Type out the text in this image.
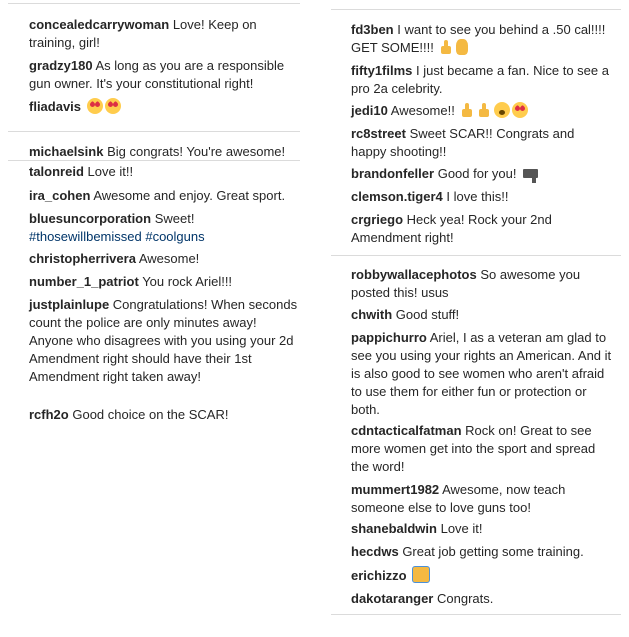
concealedcarrywoman Love! Keep on training, girl!
gradzy180 As long as you are a responsible gun owner. It's your constitutional right!
fliadavis
michaelsink Big congrats! You're awesome!
talonreid Love it!!
ira_cohen Awesome and enjoy. Great sport.
bluesuncorporation Sweet!
#thosewillbemissed #coolguns
christopherrivera Awesome!
number_1_patriot You rock Ariel!!!
justplainlupe Congratulations! When seconds count the police are only minutes away! Anyone who disagrees with you using your 2d Amendment right should have their 1st Amendment right taken away!
rcfh2o Good choice on the SCAR!
fd3ben I want to see you behind a .50 cal!!!! GET SOME!!!!
fifty1films I just became a fan. Nice to see a pro 2a celebrity.
jedi10 Awesome!!
rc8street Sweet SCAR!! Congrats and happy shooting!!
brandonfeller Good for you!
clemson.tiger4 I love this!!
crgriego Heck yea! Rock your 2nd Amendment right!
robbywallacephotos So awesome you posted this! usus
chwith Good stuff!
pappichurro Ariel, I as a veteran am glad to see you using your rights an American. And it is also good to see women who aren't afraid to use them for either fun or protection or both.
cdntacticalfatman Rock on! Great to see more women get into the sport and spread the word!
mummert1982 Awesome, now teach someone else to love guns too!
shanebaldwin Love it!
hecdws Great job getting some training.
erichizzo
dakotaranger Congrats.
